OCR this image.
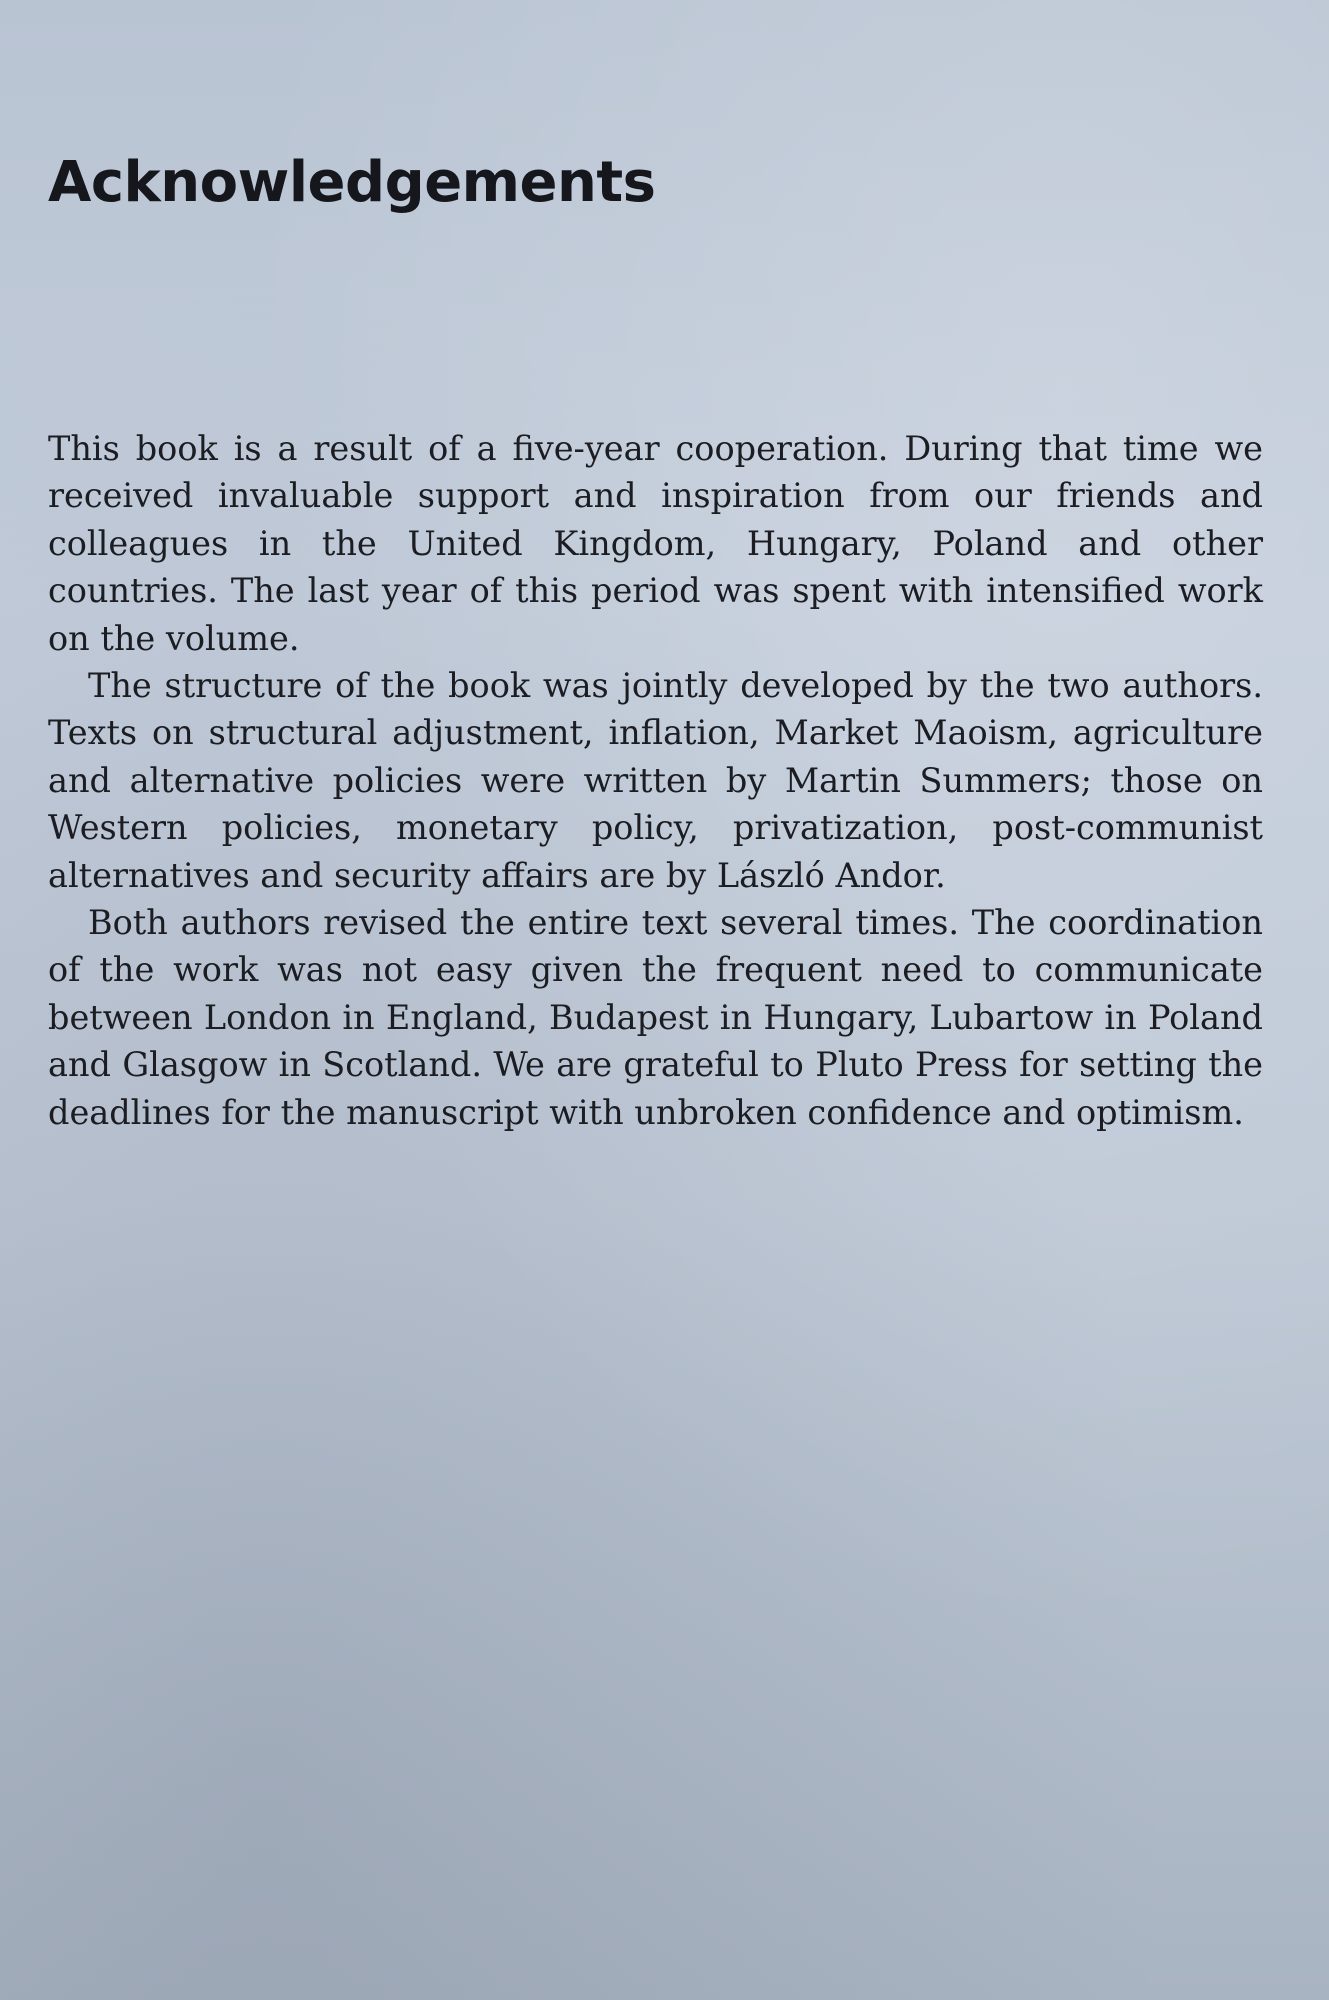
Acknowledgements

This book is a result of a five-year cooperation. During that time we received invaluable support and inspiration from our friends and colleagues in the United Kingdom, Hungary, Poland and other countries. The last year of this period was spent with intensified work on the volume.

The structure of the book was jointly developed by the two authors. Texts on structural adjustment, inflation, Market Maoism, agriculture and alternative policies were written by Martin Summers; those on Western policies, monetary policy, privatization, post-communist alternatives and security affairs are by László Andor.

Both authors revised the entire text several times. The coordination of the work was not easy given the frequent need to communicate between London in England, Budapest in Hungary, Lubartow in Poland and Glasgow in Scotland. We are grateful to Pluto Press for setting the deadlines for the manuscript with unbroken confidence and optimism.
